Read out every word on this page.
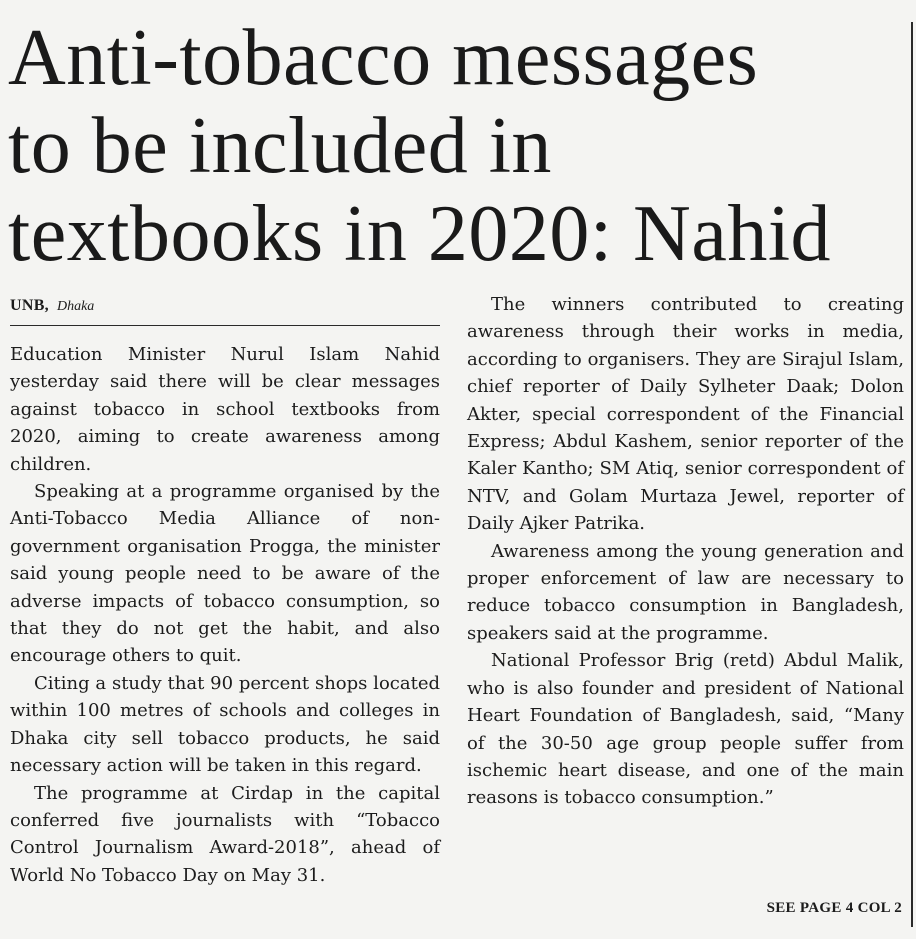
Anti-tobacco messages
to be included in
textbooks in 2020: Nahid
UNB, Dhaka

Education Minister Nurul Islam Nahid yesterday said there will be clear messages against tobacco in school textbooks from 2020, aiming to create awareness among children.

Speaking at a programme organised by the Anti-Tobacco Media Alliance of non-government organisation Progga, the minister said young people need to be aware of the adverse impacts of tobacco consumption, so that they do not get the habit, and also encourage others to quit.

Citing a study that 90 percent shops located within 100 metres of schools and colleges in Dhaka city sell tobacco products, he said necessary action will be taken in this regard.

The programme at Cirdap in the capital conferred five journalists with “Tobacco Control Journalism Award-2018”, ahead of World No Tobacco Day on May 31.

The winners contributed to creating awareness through their works in media, according to organisers. They are Sirajul Islam, chief reporter of Daily Sylheter Daak; Dolon Akter, special correspondent of the Financial Express; Abdul Kashem, senior reporter of the Kaler Kantho; SM Atiq, senior correspondent of NTV, and Golam Murtaza Jewel, reporter of Daily Ajker Patrika.

Awareness among the young generation and proper enforcement of law are necessary to reduce tobacco consumption in Bangladesh, speakers said at the programme.

National Professor Brig (retd) Abdul Malik, who is also founder and president of National Heart Foundation of Bangladesh, said, “Many of the 30-50 age group people suffer from ischemic heart disease, and one of the main reasons is tobacco consumption.”

SEE PAGE 4 COL 2
